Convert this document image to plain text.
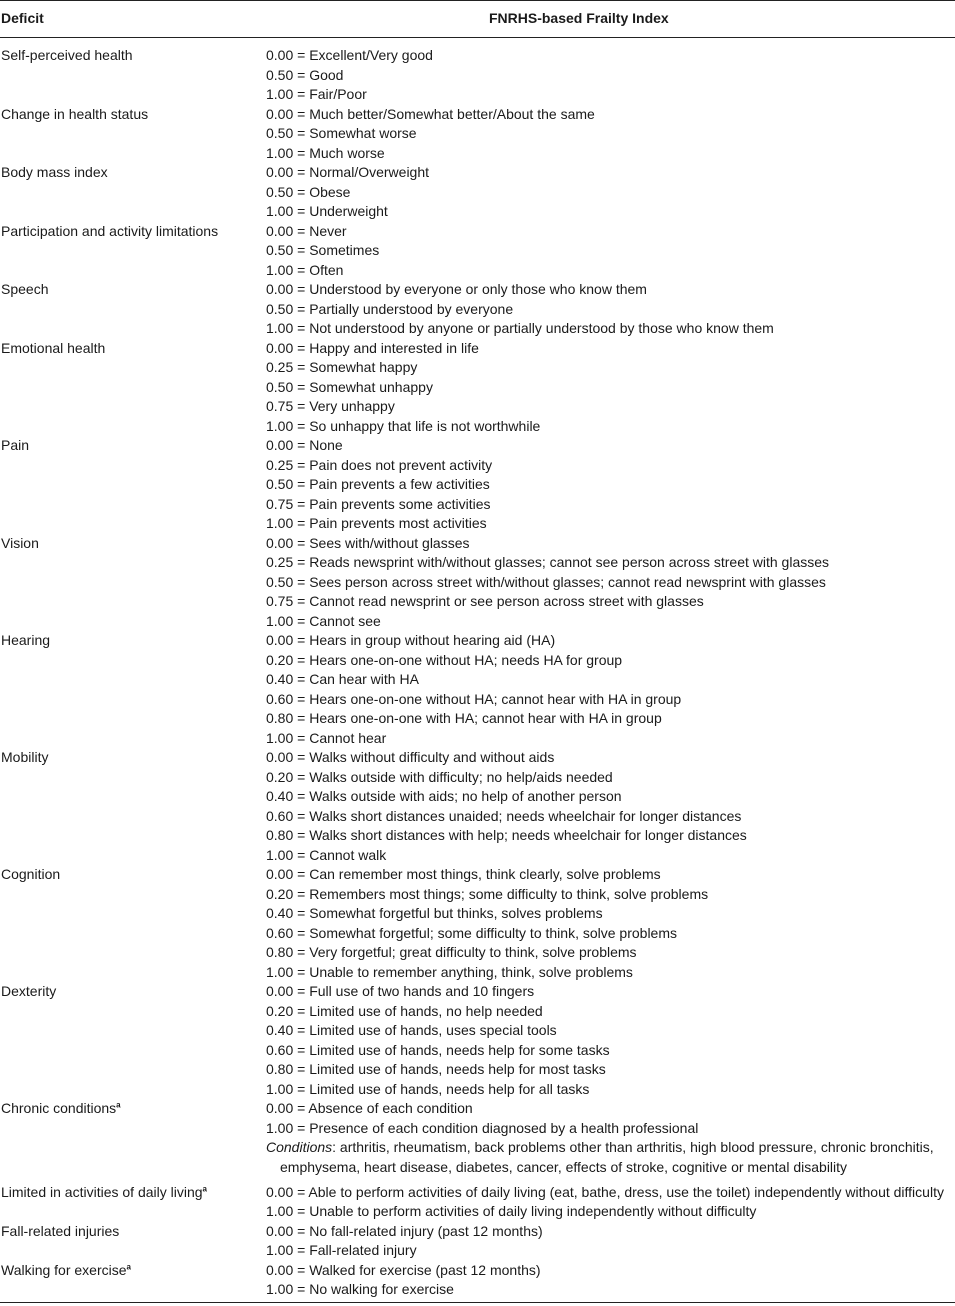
Deficit	FNRHS-based Frailty Index
Self-perceived health	0.00 = Excellent/Very good
0.50 = Good
1.00 = Fair/Poor
Change in health status	0.00 = Much better/Somewhat better/About the same
0.50 = Somewhat worse
1.00 = Much worse
Body mass index	0.00 = Normal/Overweight
0.50 = Obese
1.00 = Underweight
Participation and activity limitations	0.00 = Never
0.50 = Sometimes
1.00 = Often
Speech	0.00 = Understood by everyone or only those who know them
0.50 = Partially understood by everyone
1.00 = Not understood by anyone or partially understood by those who know them
Emotional health	0.00 = Happy and interested in life
0.25 = Somewhat happy
0.50 = Somewhat unhappy
0.75 = Very unhappy
1.00 = So unhappy that life is not worthwhile
Pain	0.00 = None
0.25 = Pain does not prevent activity
0.50 = Pain prevents a few activities
0.75 = Pain prevents some activities
1.00 = Pain prevents most activities
Vision	0.00 = Sees with/without glasses
0.25 = Reads newsprint with/without glasses; cannot see person across street with glasses
0.50 = Sees person across street with/without glasses; cannot read newsprint with glasses
0.75 = Cannot read newsprint or see person across street with glasses
1.00 = Cannot see
Hearing	0.00 = Hears in group without hearing aid (HA)
0.20 = Hears one-on-one without HA; needs HA for group
0.40 = Can hear with HA
0.60 = Hears one-on-one without HA; cannot hear with HA in group
0.80 = Hears one-on-one with HA; cannot hear with HA in group
1.00 = Cannot hear
Mobility	0.00 = Walks without difficulty and without aids
0.20 = Walks outside with difficulty; no help/aids needed
0.40 = Walks outside with aids; no help of another person
0.60 = Walks short distances unaided; needs wheelchair for longer distances
0.80 = Walks short distances with help; needs wheelchair for longer distances
1.00 = Cannot walk
Cognition	0.00 = Can remember most things, think clearly, solve problems
0.20 = Remembers most things; some difficulty to think, solve problems
0.40 = Somewhat forgetful but thinks, solves problems
0.60 = Somewhat forgetful; some difficulty to think, solve problems
0.80 = Very forgetful; great difficulty to think, solve problems
1.00 = Unable to remember anything, think, solve problems
Dexterity	0.00 = Full use of two hands and 10 fingers
0.20 = Limited use of hands, no help needed
0.40 = Limited use of hands, uses special tools
0.60 = Limited use of hands, needs help for some tasks
0.80 = Limited use of hands, needs help for most tasks
1.00 = Limited use of hands, needs help for all tasks
Chronic conditions$^a$	0.00 = Absence of each condition
1.00 = Presence of each condition diagnosed by a health professional
Conditions: arthritis, rheumatism, back problems other than arthritis, high blood pressure, chronic bronchitis, emphysema, heart disease, diabetes, cancer, effects of stroke, cognitive or mental disability
Limited in activities of daily living$^a$	0.00 = Able to perform activities of daily living (eat, bathe, dress, use the toilet) independently without difficulty
1.00 = Unable to perform activities of daily living independently without difficulty
Fall-related injuries	0.00 = No fall-related injury (past 12 months)
1.00 = Fall-related injury
Walking for exercise$^a$	0.00 = Walked for exercise (past 12 months)
1.00 = No walking for exercise
